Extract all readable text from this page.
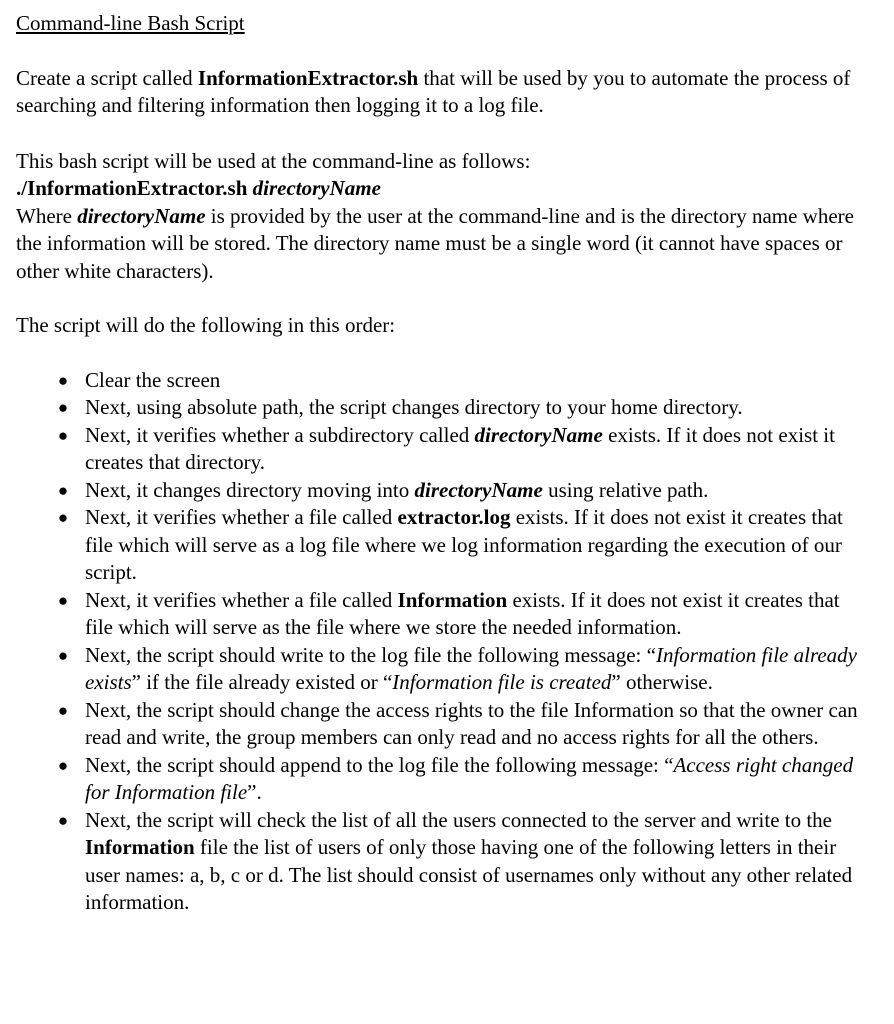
Command-line Bash Script

Create a script called InformationExtractor.sh that will be used by you to automate the process of searching and filtering information then logging it to a log file.

This bash script will be used at the command-line as follows:

./InformationExtractor.sh directoryName

Where directoryName is provided by the user at the command-line and is the directory name where the information will be stored. The directory name must be a single word (it cannot have spaces or other white characters).

The script will do the following in this order:

● Clear the screen
● Next, using absolute path, the script changes directory to your home directory.
● Next, it verifies whether a subdirectory called directoryName exists. If it does not exist it creates that directory.
● Next, it changes directory moving into directoryName using relative path.
● Next, it verifies whether a file called extractor.log exists. If it does not exist it creates that file which will serve as a log file where we log information regarding the execution of our script.
● Next, it verifies whether a file called Information exists. If it does not exist it creates that file which will serve as the file where we store the needed information.
● Next, the script should write to the log file the following message: “Information file already exists” if the file already existed or “Information file is created” otherwise.
● Next, the script should change the access rights to the file Information so that the owner can read and write, the group members can only read and no access rights for all the others.
● Next, the script should append to the log file the following message: “Access right changed for Information file”.
● Next, the script will check the list of all the users connected to the server and write to the Information file the list of users of only those having one of the following letters in their user names: a, b, c or d. The list should consist of usernames only without any other related information.
